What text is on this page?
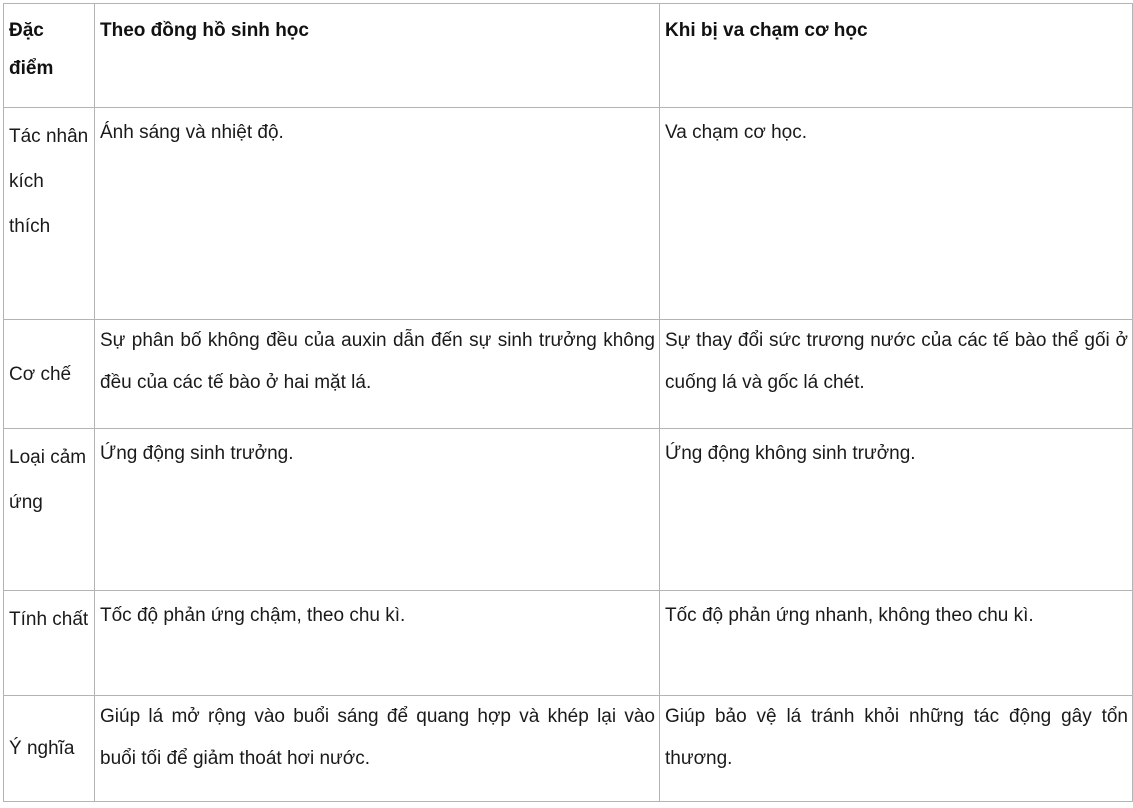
Đặc điểm	Theo đồng hồ sinh học	Khi bị va chạm cơ học
Tác nhân kích thích	Ánh sáng và nhiệt độ.	Va chạm cơ học.
Cơ chế	Sự phân bố không đều của auxin dẫn đến sự sinh trưởng không đều của các tế bào ở hai mặt lá.	Sự thay đổi sức trương nước của các tế bào thể gối ở cuống lá và gốc lá chét.
Loại cảm ứng	Ứng động sinh trưởng.	Ứng động không sinh trưởng.
Tính chất	Tốc độ phản ứng chậm, theo chu kì.	Tốc độ phản ứng nhanh, không theo chu kì.
Ý nghĩa	Giúp lá mở rộng vào buổi sáng để quang hợp và khép lại vào buổi tối để giảm thoát hơi nước.	Giúp bảo vệ lá tránh khỏi những tác động gây tổn thương.
